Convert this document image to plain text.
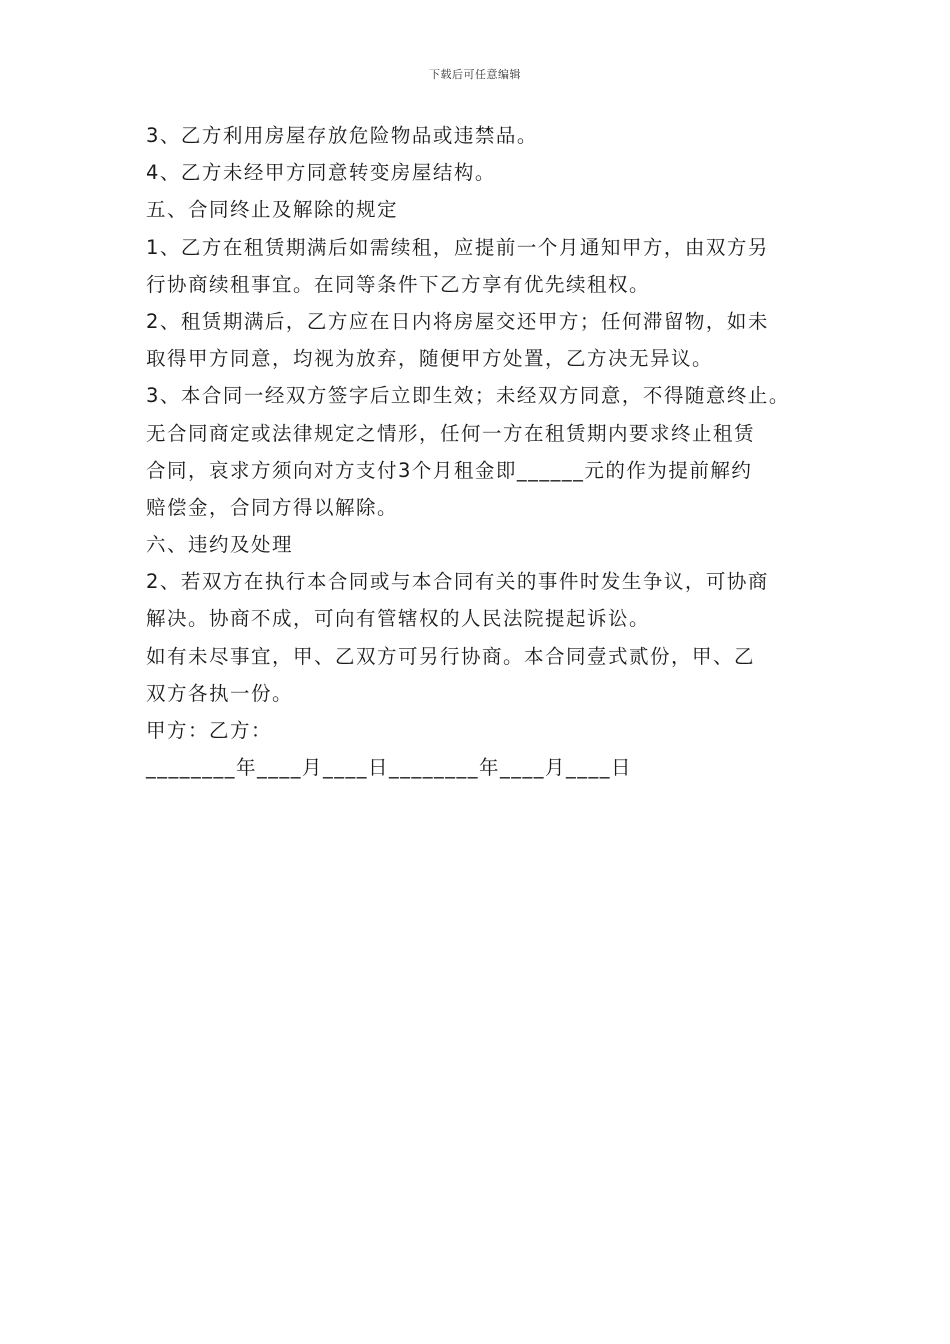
下载后可任意编辑
3、乙方利用房屋存放危险物品或违禁品。
4、乙方未经甲方同意转变房屋结构。
五、合同终止及解除的规定
1、乙方在租赁期满后如需续租，应提前一个月通知甲方，由双方另
行协商续租事宜。在同等条件下乙方享有优先续租权。
2、租赁期满后，乙方应在日内将房屋交还甲方；任何滞留物，如未
取得甲方同意，均视为放弃，随便甲方处置，乙方决无异议。
3、本合同一经双方签字后立即生效；未经双方同意，不得随意终止。
无合同商定或法律规定之情形，任何一方在租赁期内要求终止租赁
合同，哀求方须向对方支付3个月租金即______元的作为提前解约
赔偿金，合同方得以解除。
六、违约及处理
2、若双方在执行本合同或与本合同有关的事件时发生争议，可协商
解决。协商不成，可向有管辖权的人民法院提起诉讼。
如有未尽事宜，甲、乙双方可另行协商。本合同壹式贰份，甲、乙
双方各执一份。
甲方：乙方：
________年____月____日________年____月____日
